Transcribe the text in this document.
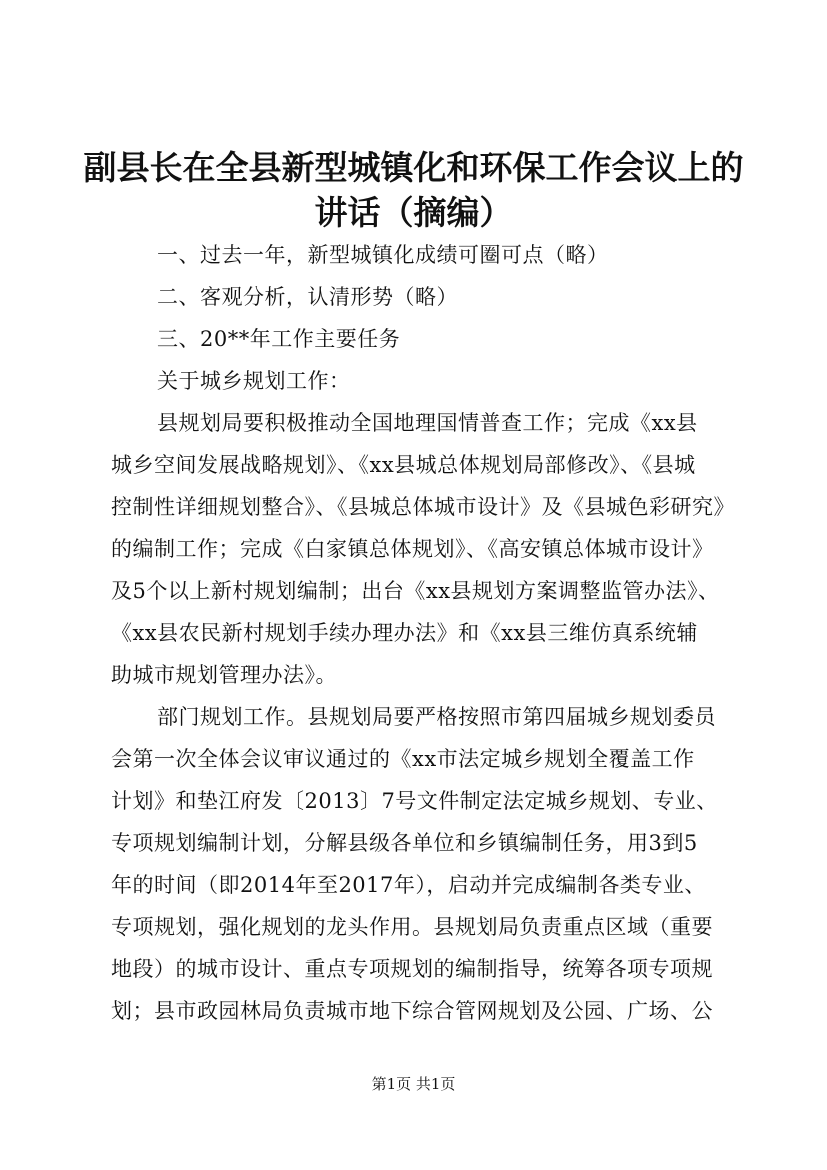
副县长在全县新型城镇化和环保工作会议上的
讲话（摘编）
一、过去一年，新型城镇化成绩可圈可点（略）
二、客观分析，认清形势（略）
三、20**年工作主要任务
关于城乡规划工作：
县规划局要积极推动全国地理国情普查工作；完成《xx县
城乡空间发展战略规划》、《xx县城总体规划局部修改》、《县城
控制性详细规划整合》、《县城总体城市设计》及《县城色彩研究》
的编制工作；完成《白家镇总体规划》、《高安镇总体城市设计》
及5个以上新村规划编制；出台《xx县规划方案调整监管办法》、
《xx县农民新村规划手续办理办法》和《xx县三维仿真系统辅
助城市规划管理办法》。
部门规划工作。县规划局要严格按照市第四届城乡规划委员
会第一次全体会议审议通过的《xx市法定城乡规划全覆盖工作
计划》和垫江府发〔2013〕7号文件制定法定城乡规划、专业、
专项规划编制计划，分解县级各单位和乡镇编制任务，用3到5
年的时间（即2014年至2017年），启动并完成编制各类专业、
专项规划，强化规划的龙头作用。县规划局负责重点区域（重要
地段）的城市设计、重点专项规划的编制指导，统筹各项专项规
划；县市政园林局负责城市地下综合管网规划及公园、广场、公
第1页 共1页
